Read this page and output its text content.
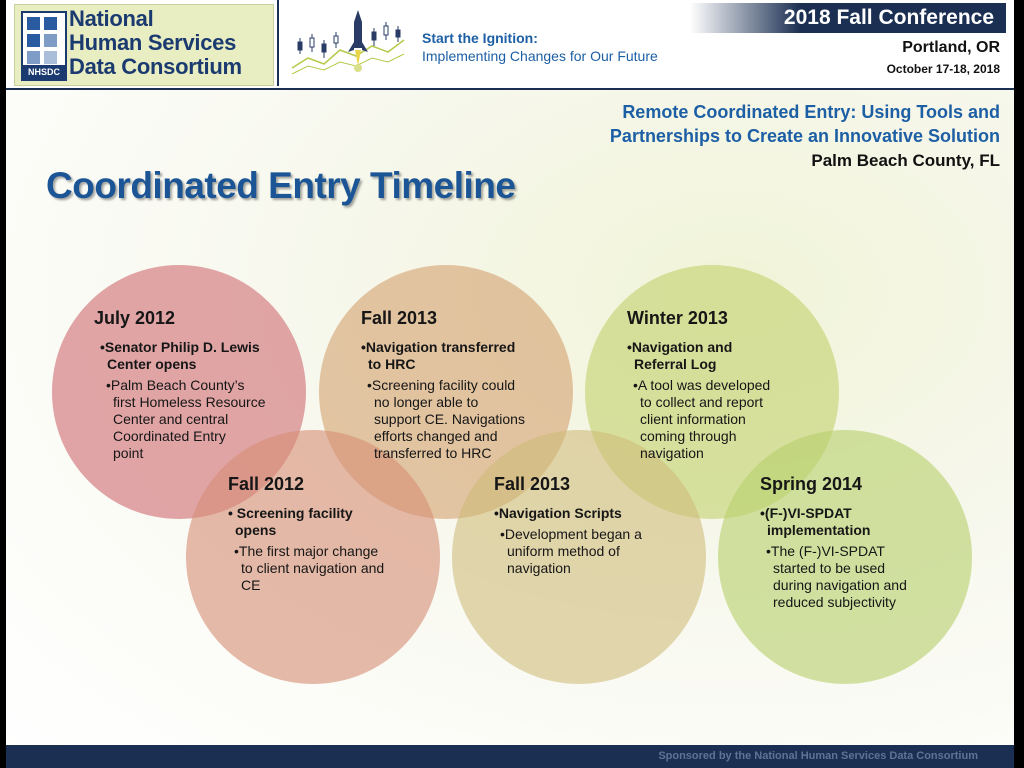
NHSDC
National
Human Services
Data Consortium
Start the Ignition:
Implementing Changes for Our Future
2018 Fall Conference
Portland, OR
October 17-18, 2018
Remote Coordinated Entry: Using Tools and
Partnerships to Create an Innovative Solution
Palm Beach County, FL
Coordinated Entry Timeline
July 2012
•Senator Philip D. Lewis
Center opens
•Palm Beach County’s
first Homeless Resource
Center and central
Coordinated Entry
point
Fall 2013
•Navigation transferred
to HRC
•Screening facility could
no longer able to
support CE. Navigations
efforts changed and
transferred to HRC
Winter 2013
•Navigation and
Referral Log
•A tool was developed
to collect and report
client information
coming through
navigation
Fall 2012
• Screening facility
opens
•The first major change
to client navigation and
CE
Fall 2013
•Navigation Scripts
•Development began a
uniform method of
navigation
Spring 2014
•(F-)VI-SPDAT
implementation
•The (F-)VI-SPDAT
started to be used
during navigation and
reduced subjectivity
Sponsored by the National Human Services Data Consortium
